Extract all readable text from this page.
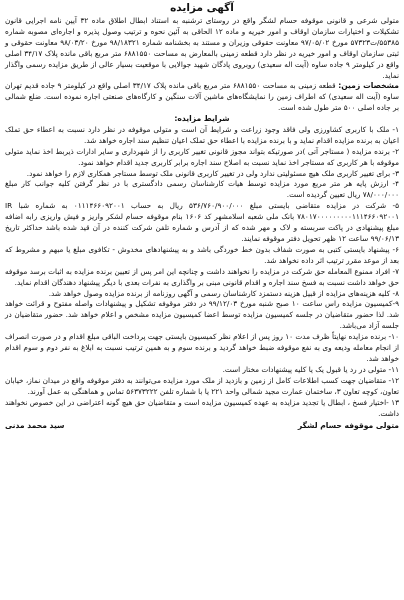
آگهی مزایده

متولی شرعی و قانونی موقوفه حسام لشگر واقع در روستای ترشنبه به استناد ابطال اطلاق ماده ۳۲ آیین نامه اجرایی قانون تشکیلات و اختیارات سازمان اوقاف و امور خیریه و ماده ۱۲ الحاقی به آئین نحوه و ترتیب وصول پذیره و اجاره‌ای مصوبه شماره ۵۵۳۸۵/ت۵۷۳۲۳ مورخ ۹۷/۰۵/۰۲ معاونت حقوقی وزیران و مستند به بخشنامه شماره ۹۸/۱۸۳۲۱ مورخ ۹۸/۰۳/۲۰ معاونت حقوقی و ثبتی سازمان اوقاف و امور خیریه در نظر دارد قطعه زمینی بالمعارض به مساحت ۶۸۸۱۵۵۰ متر مربع باقی مانده پلاک ۳۴/۱۷ اصلی واقع در کیلومتر ۹ جاده ساوه (آیت اله سعیدی) روبروی پادگان شهید جوالایی با موقعیت بسیار عالی از طریق مزایده رسمی واگذار نماید.

مشخصات زمین: قطعه زمینی به مساحت ۶۸۸۱۵۵۰ متر مربع باقی مانده پلاک ۳۴/۱۷ اصلی واقع در کیلومتر ۹ جاده قدیم تهران ساوه (آیت اله سعیدی) که اطراف زمین را نمایشگاه‌های ماشین آلات سنگین و کارگاه‌های صنعتی اجاره نموده است. ضلع شمالی بر جاده اصلی ۵۰۰ متر طول شده است.

شرایط مزایده:

۱- ملک با کاربری کشاورزی ولی فاقد وجود زراعت و شرایط آن است و متولی موقوفه در نظر دارد نسبت به اعطاء حق تملک اعیان به برنده مزایده اقدام نماید و با برنده مزایده با اعطاء حق تملک اعیان تنظیم سند اجاره خواهد شد.

۲- برنده مزایده ( مستاجر آتی )در صورتیکه بتواند مجوز قانونی تغییر کاربری را از شهرداری و سایر ادارات ذیربط اخذ نماید متولی موقوفه با هر کاربری که مستاجر اخذ نماید نسبت به اصلاح سند اجاره برابر کاربری جدید اقدام خواهد نمود.

۳- برای تغییر کاربری ملک هیچ مسئولیتی ندارد ولی در تغییر کاربری قانونی ملک توسط مستاجر همکاری لازم را خواهد نمود.

۴- ارزش پایه هر متر مربع مورد مزایده توسط هیات کارشناسان رسمی دادگستری با در نظر گرفتن کلیه جوانب کار مبلغ ۷۸/۰۰۰/۰۰۰ ریال تعیین گردیده است.

۵- شرکت در مزایده متقاضی بایستی مبلغ ۵۳۶/۷۶۰/۹۰۰/۰۰۰ ریال به حساب ۰۱۱۱۴۶۶۰۹۲۰۰۱ به شماره شبا IR ۷۸۰۱۷۰۰۰۰۰۰۰۰۰۱۱۱۴۶۶۰۹۲۰۰۱ بانک ملی شعبه اسلامشهر کد ۱۶۰۶ بنام موقوفه حسام لشکر واریز و فیش واریزی رابه اضافه مبلغ پیشنهادی در پاکت سربسته و لاک و مهر شده که از آدرس و شماره تلفن شرکت کننده در آن قید شده باشد حداکثر تاریخ ۹۹/۰۶/۱۳ ساعت ۱۲ ظهر تحویل دفتر موقوفه نمایند.

۶- پیشنهاد بایستی کتبی به صورت شفاف بدون خط خوردگی باشد و به پیشنهادهای مخدوش - تکافوی مبلغ یا مبهم و مشروط که بعد از موعد مقرر ترتیب اثر داده نخواهد شد.

۷- افراد ممنوع المعامله حق شرکت در مزایده را نخواهند داشت و چنانچه این امر پس از تعیین برنده مزایده به اثبات برسد موقوفه حق خواهد داشت نسبت به فسخ سند اجاره و اقدام قانونی مبنی بر واگذاری به نفرات بعدی با دیگر پیشنهاد دهندگان اقدام نماید.

۸- کلیه هزینه‌های مزایده از قبیل هزینه دستمزد کارشناسان رسمی و آگهی روزنامه از برنده مزایده وصول خواهد شد.

۹-کمیسیون مزایده راس ساعت ۱۰ صبح شنبه مورخ ۹۹/۱۲/۰۳ در دفتر موقوفه تشکیل و پیشنهادات واصله مفتوح و قرائت خواهد شد. لذا حضور متقاضیان در جلسه کمیسیون مزایده توسط اعضا کمیسیون مزایده مشخص و اعلام خواهد شد. حضور متقاضیان در جلسه آزاد می‌باشد.

۱۰- برنده مزایده نهایتاً ظرف مدت ۱۰ روز پس از اعلام نظر کمیسیون بایستی جهت پرداخت الباقی مبلغ اقدام و در صورت انصراف از انجام معامله ودیعه وی به نفع موقوفه ضبط خواهد گردید و برنده سوم و به همین ترتیب نسبت به ابلاغ به نفر دوم و سوم اقدام خواهد شد.

۱۱- متولی در رد یا قبول یک یا کلیه پیشنهادات مختار است.

۱۲- متقاضیان جهت کسب اطلاعات کامل از زمین و بازدید از ملک مورد مزایده می‌توانند به دفتر موقوفه واقع در میدان نماز، خیابان تعاون، کوچه تعاون ۳، ساختمان عمارت مجید شمالی واحد ۲۲۱ یا با شماره تلفن ۵۶۳۷۳۲۲۲ تماس و هماهنگی به عمل آورند.

۱۳ -اختیار فسخ ، ابطال یا تجدید مزایده به عهده کمیسیون مزایده است و متقاضیان حق هیچ گونه اعتراضی در این خصوص نخواهند داشت.

متولی موقوفه حسام لشگر
سید محمد مدنی
